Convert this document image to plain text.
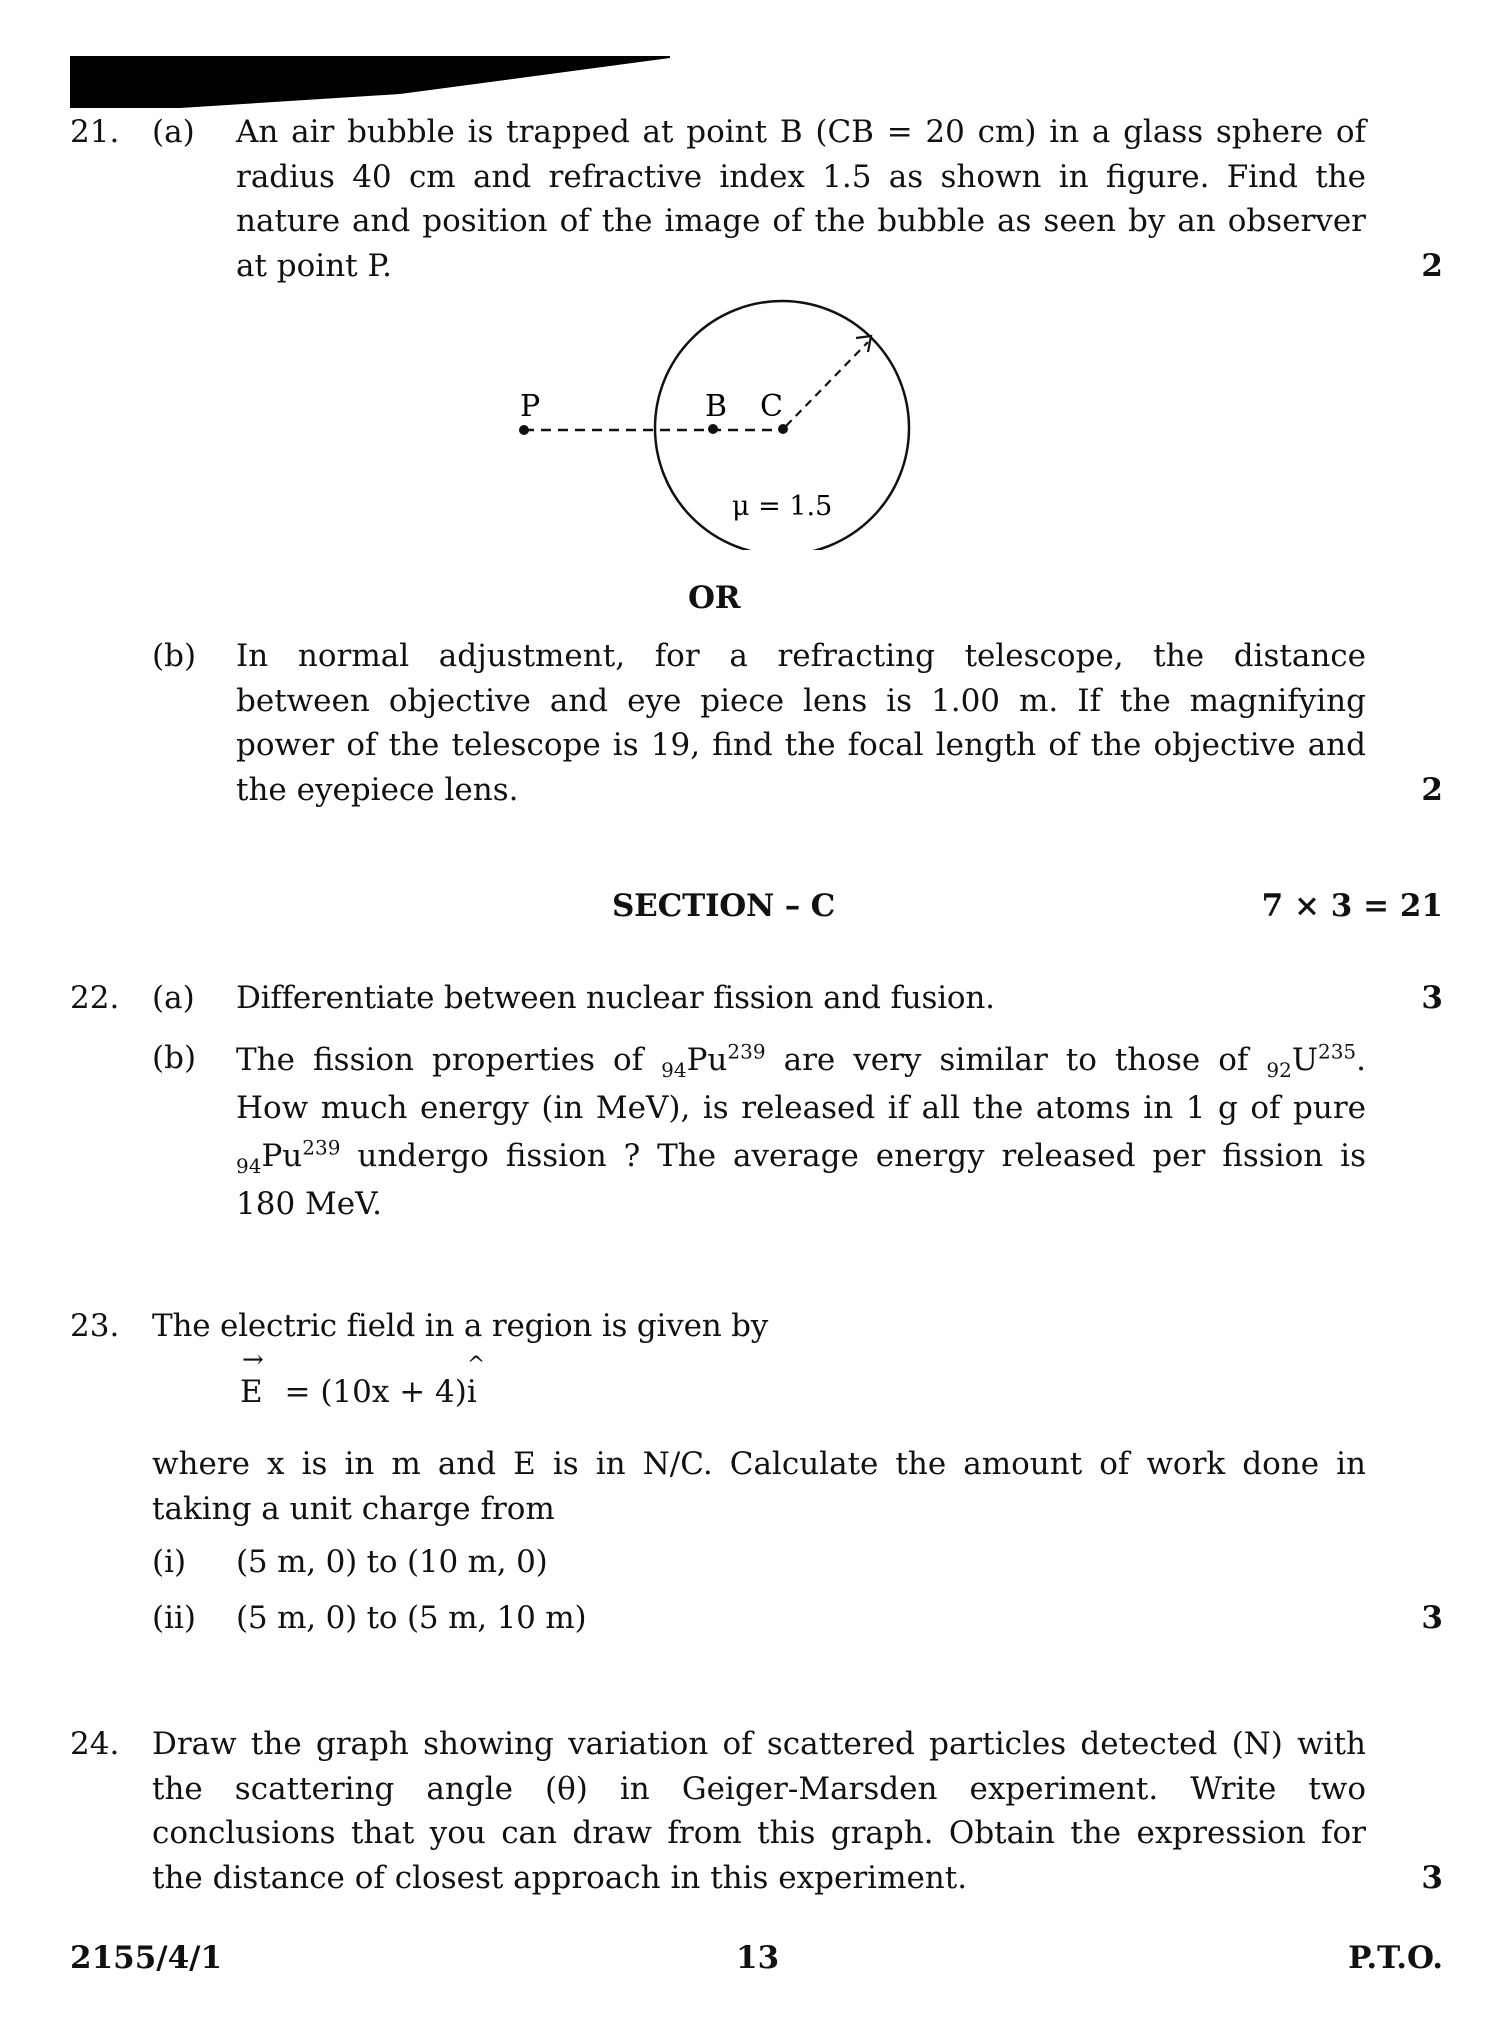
21. (a) An air bubble is trapped at point B (CB = 20 cm) in a glass sphere of
radius 40 cm and refractive index 1.5 as shown in figure. Find the
nature and position of the image of the bubble as seen by an observer
at point P.	2
P	B C
μ = 1.5
OR
(b) In normal adjustment, for a refracting telescope, the distance
between objective and eye piece lens is 1.00 m. If the magnifying
power of the telescope is 19, find the focal length of the objective and
the eyepiece lens.	2
SECTION – C	7 × 3 = 21
22. (a) Differentiate between nuclear fission and fusion.	3
(b) The fission properties of $_{94}Pu^{239}$ are very similar to those of $_{92}U^{235}$.
How much energy (in MeV), is released if all the atoms in 1 g of pure
$_{94}Pu^{239}$ undergo fission ? The average energy released per fission is
180 MeV.
23. The electric field in a region is given by
→
E = (10x + 4)
^
i
where x is in m and E is in N/C. Calculate the amount of work done in
taking a unit charge from
(i) (5 m, 0) to (10 m, 0)
(ii) (5 m, 0) to (5 m, 10 m)	3
24. Draw the graph showing variation of scattered particles detected (N) with
the scattering angle (θ) in Geiger-Marsden experiment. Write two
conclusions that you can draw from this graph. Obtain the expression for
the distance of closest approach in this experiment.	3
2155/4/1	13	P.T.O.
